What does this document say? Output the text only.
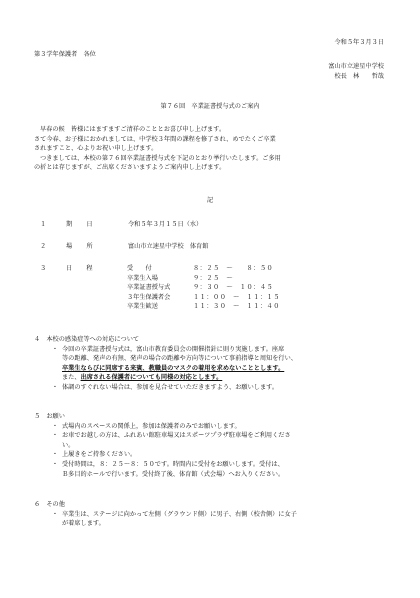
令和５年３月３日
第３学年保護者　各位
富山市立速星中学校
校長　林　　哲哉
第７６回　卒業証書授与式のご案内

早春の候　皆様にはますますご清祥のこととお喜び申し上げます。

さて今春、お子様におかれましては、中学校３年間の課程を修了され、めでたくご卒業

されますこと、心よりお祝い申し上げます。

つきましては、本校の第７６回卒業証書授与式を下記のとおり挙行いたします。ご多用

の折とは存じますが、ご出席くださいますようご案内申し上げます。

記
１	期　日	令和５年３月１５日（水）
２	場　所	富山市立速星中学校　体育館
３	日　程	受　　付	８：２５　〜　　８：５０
卒業生入場	９：２５　〜
卒業証書授与式	９：３０　〜　１０：４５
３年生保護者会	１１：００　〜　１１：１５
卒業生歓送	１１：３０　〜　１１：４０
４　本校の感染症等への対応について
・ 今回の卒業証書授与式は，富山市教育委員会の開催指針に則り実施します。座席
等の距離、発声の有無、発声の場合の距離や方向等について事前指導と周知を行い、
卒業生ならびに同席する来賓、教職員のマスクの着用を求めないこととします。
また、出席される保護者についても同様の対応とします。
・ 体調のすぐれない場合は、参加を見合せていただきますよう、お願いします。
５　お願い
・ 式場内のスペースの関係上，参加は保護者のみでお願いします。
・ お車でお越しの方は、ふれあい館駐車場又はスポーツプラザ駐車場をご利用くださ
い。
・ 上履きをご持参ください。
・ 受付時間は，８：２５〜８：５０です。時間内に受付をお願いします。受付は、
Ｂ多目的ホールで行います。受付終了後、体育館（式会場）へお入りください。
６　その他
・ 卒業生は、ステージに向かって左側（グラウンド側）に男子、右側（校舎側）に女子
が着席します。
